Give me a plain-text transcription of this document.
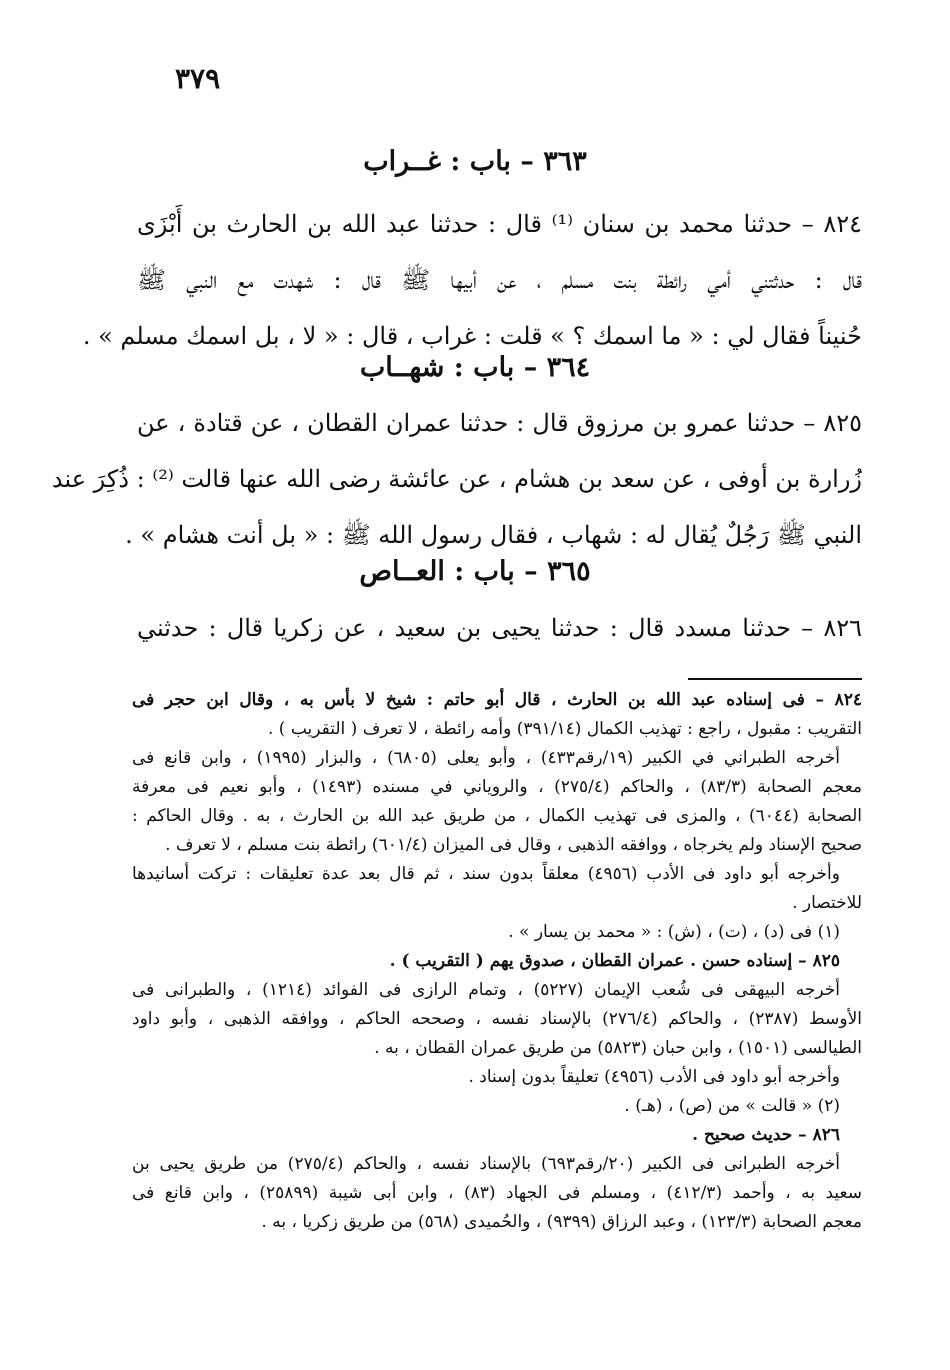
٣٧٩
٣٦٣ – باب : غــراب
٨٢٤ – حدثنا محمد بن سنان ⁽¹⁾ قال : حدثنا عبد الله بن الحارث بن أَبْزَى
قال : حدثتني أمي رائطة بنت مسلم ، عن أبيها ﷺ قال : شهدت مع النبي ﷺ
حُنيناً فقال لي : « ما اسمك ؟ » قلت : غراب ، قال : « لا ، بل اسمك مسلم » .
٣٦٤ – باب : شهــاب
٨٢٥ – حدثنا عمرو بن مرزوق قال : حدثنا عمران القطان ، عن قتادة ، عن
زُرارة بن أوفى ، عن سعد بن هشام ، عن عائشة رضى الله عنها قالت ⁽²⁾ : ذُكِرَ عند
النبي ﷺ رَجُلٌ يُقال له : شهاب ، فقال رسول الله ﷺ : « بل أنت هشام » .
٣٦٥ – باب : العــاص
٨٢٦ – حدثنا مسدد قال : حدثنا يحيى بن سعيد ، عن زكريا قال : حدثني
٨٢٤ – فى إسناده عبد الله بن الحارث ، قال أبو حاتم : شيخ لا بأس به ، وقال ابن حجر فى
التقريب : مقبول ، راجع : تهذيب الكمال (٣٩١/١٤) وأمه رائطة ، لا تعرف ( التقريب ) .
أخرجه الطبراني في الكبير (١٩/رقم٤٣٣) ، وأبو يعلى (٦٨٠٥) ، والبزار (١٩٩٥) ، وابن قانع فى
معجم الصحابة (٨٣/٣) ، والحاكم (٢٧٥/٤) ، والروياني في مسنده (١٤٩٣) ، وأبو نعيم فى معرفة
الصحابة (٦٠٤٤) ، والمزى فى تهذيب الكمال ، من طريق عبد الله بن الحارث ، به . وقال الحاكم :
صحيح الإسناد ولم يخرجاه ، ووافقه الذهبى ، وقال فى الميزان (٦٠١/٤) رائطة بنت مسلم ، لا تعرف .
وأخرجه أبو داود فى الأدب (٤٩٥٦) معلقاً بدون سند ، ثم قال بعد عدة تعليقات : تركت أسانيدها
للاختصار .
(١) فى (د) ، (ت) ، (ش) : « محمد بن يسار » .
٨٢٥ – إسناده حسن . عمران القطان ، صدوق يهم ( التقريب ) .
أخرجه البيهقى فى شُعب الإيمان (٥٢٢٧) ، وتمام الرازى فى الفوائد (١٢١٤) ، والطبرانى فى
الأوسط (٢٣٨٧) ، والحاكم (٢٧٦/٤) بالإسناد نفسه ، وصححه الحاكم ، ووافقه الذهبى ، وأبو داود
الطيالسى (١٥٠١) ، وابن حبان (٥٨٢٣) من طريق عمران القطان ، به .
وأخرجه أبو داود فى الأدب (٤٩٥٦) تعليقاً بدون إسناد .
(٢) « قالت » من (ص) ، (هـ) .
٨٢٦ – حديث صحيح .
أخرجه الطبرانى فى الكبير (٢٠/رقم٦٩٣) بالإسناد نفسه ، والحاكم (٢٧٥/٤) من طريق يحيى بن
سعيد به ، وأحمد (٤١٢/٣) ، ومسلم فى الجهاد (٨٣) ، وابن أبى شيبة (٢٥٨٩٩) ، وابن قانع فى
معجم الصحابة (١٢٣/٣) ، وعبد الرزاق (٩٣٩٩) ، والحُميدى (٥٦٨) من طريق زكريا ، به .
